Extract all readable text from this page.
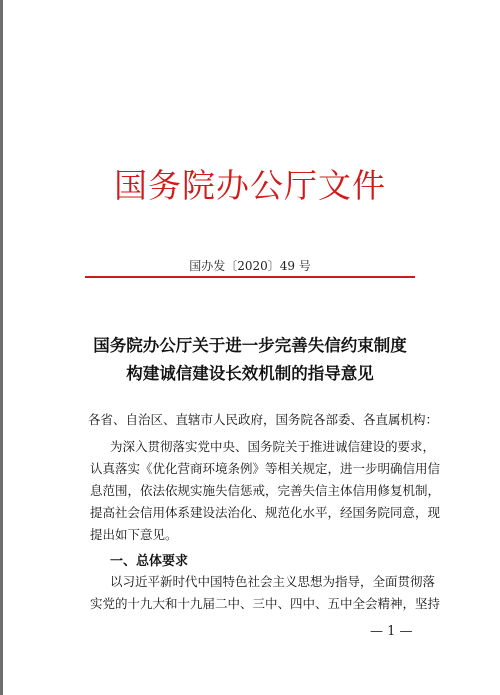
国务院办公厅文件
国办发〔2020〕49 号
国务院办公厅关于进一步完善失信约束制度
构建诚信建设长效机制的指导意见
各省、自治区、直辖市人民政府，国务院各部委、各直属机构：
为深入贯彻落实党中央、国务院关于推进诚信建设的要求，
认真落实《优化营商环境条例》等相关规定，进一步明确信用信
息范围，依法依规实施失信惩戒，完善失信主体信用修复机制，
提高社会信用体系建设法治化、规范化水平，经国务院同意，现
提出如下意见。
一、总体要求
以习近平新时代中国特色社会主义思想为指导，全面贯彻落
实党的十九大和十九届二中、三中、四中、五中全会精神，坚持
— 1 —
